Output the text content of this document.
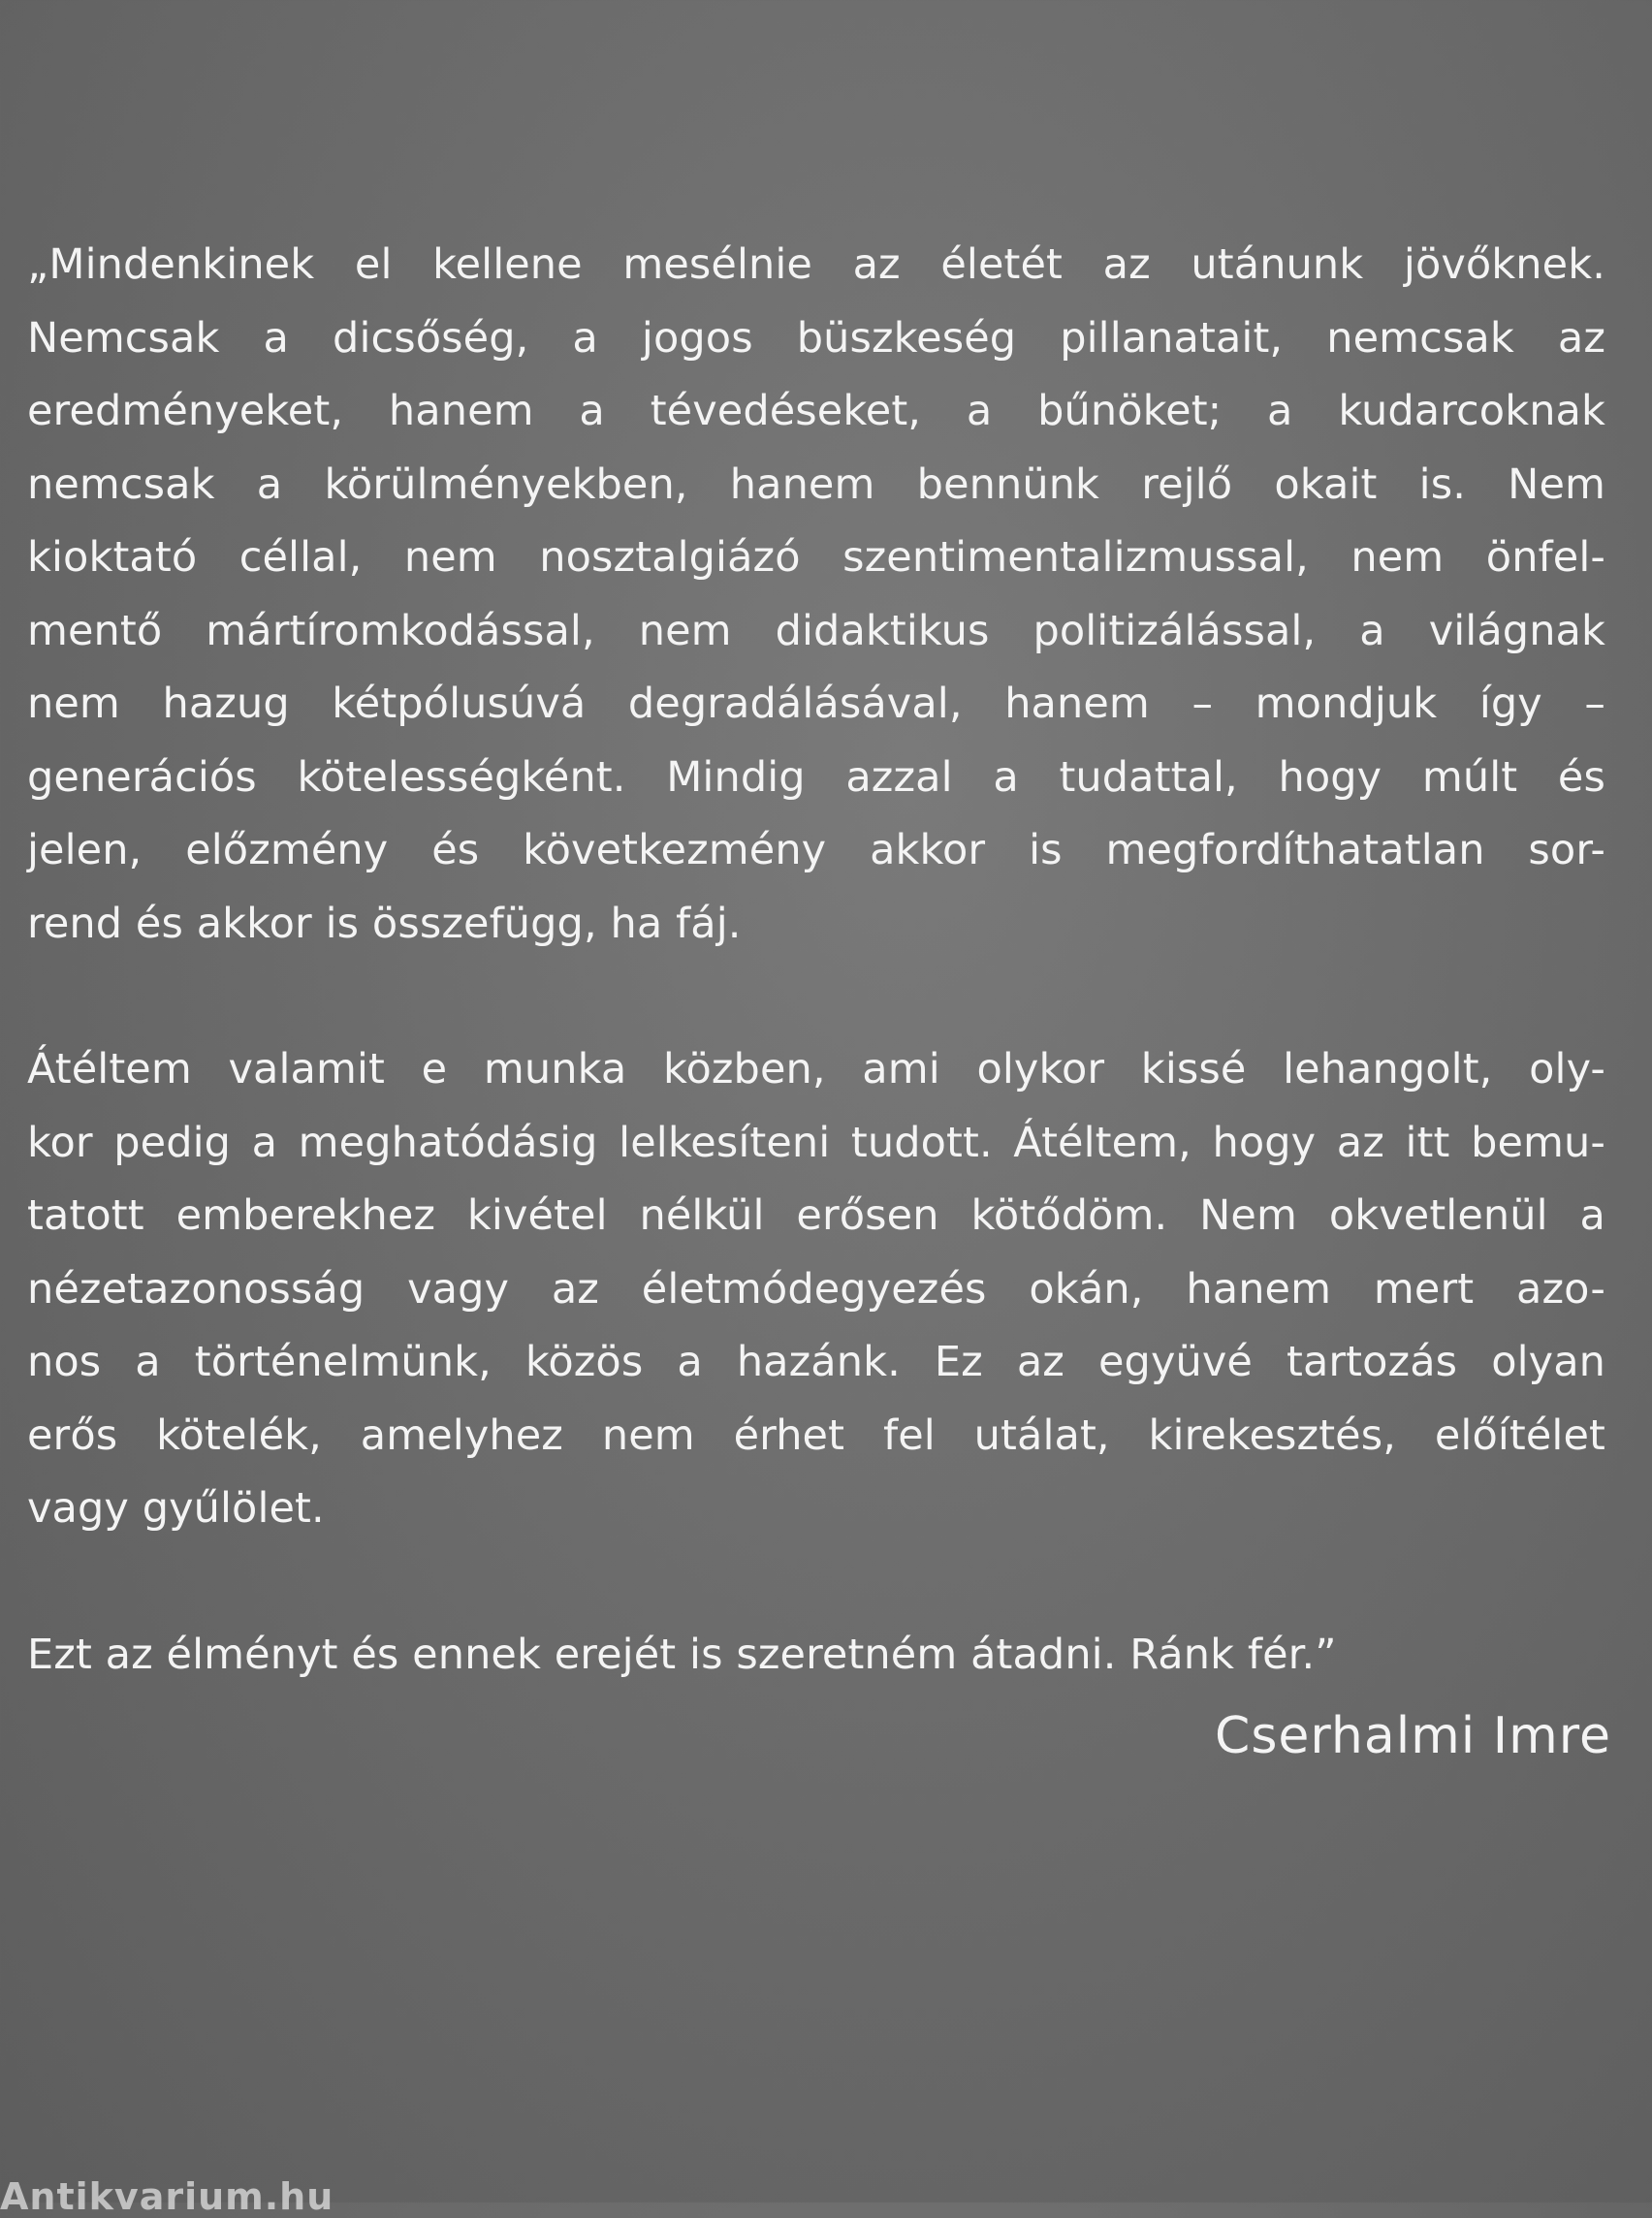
„Mindenkinek el kellene mesélnie az életét az utánunk jövőknek.
Nemcsak a dicsőség, a jogos büszkeség pillanatait, nemcsak az
eredményeket, hanem a tévedéseket, a bűnöket; a kudarcoknak
nemcsak a körülményekben, hanem bennünk rejlő okait is. Nem
kioktató céllal, nem nosztalgiázó szentimentalizmussal, nem önfel-
mentő mártíromkodással, nem didaktikus politizálással, a világnak
nem hazug kétpólusúvá degradálásával, hanem – mondjuk így –
generációs kötelességként. Mindig azzal a tudattal, hogy múlt és
jelen, előzmény és következmény akkor is megfordíthatatlan sor-
rend és akkor is összefügg, ha fáj.

Átéltem valamit e munka közben, ami olykor kissé lehangolt, oly-
kor pedig a meghatódásig lelkesíteni tudott. Átéltem, hogy az itt bemu-
tatott emberekhez kivétel nélkül erősen kötődöm. Nem okvetlenül a
nézetazonosság vagy az életmódegyezés okán, hanem mert azo-
nos a történelmünk, közös a hazánk. Ez az együvé tartozás olyan
erős kötelék, amelyhez nem érhet fel utálat, kirekesztés, előítélet
vagy gyűlölet.

Ezt az élményt és ennek erejét is szeretném átadni. Ránk fér.”

Cserhalmi Imre

Antikvarium.hu
